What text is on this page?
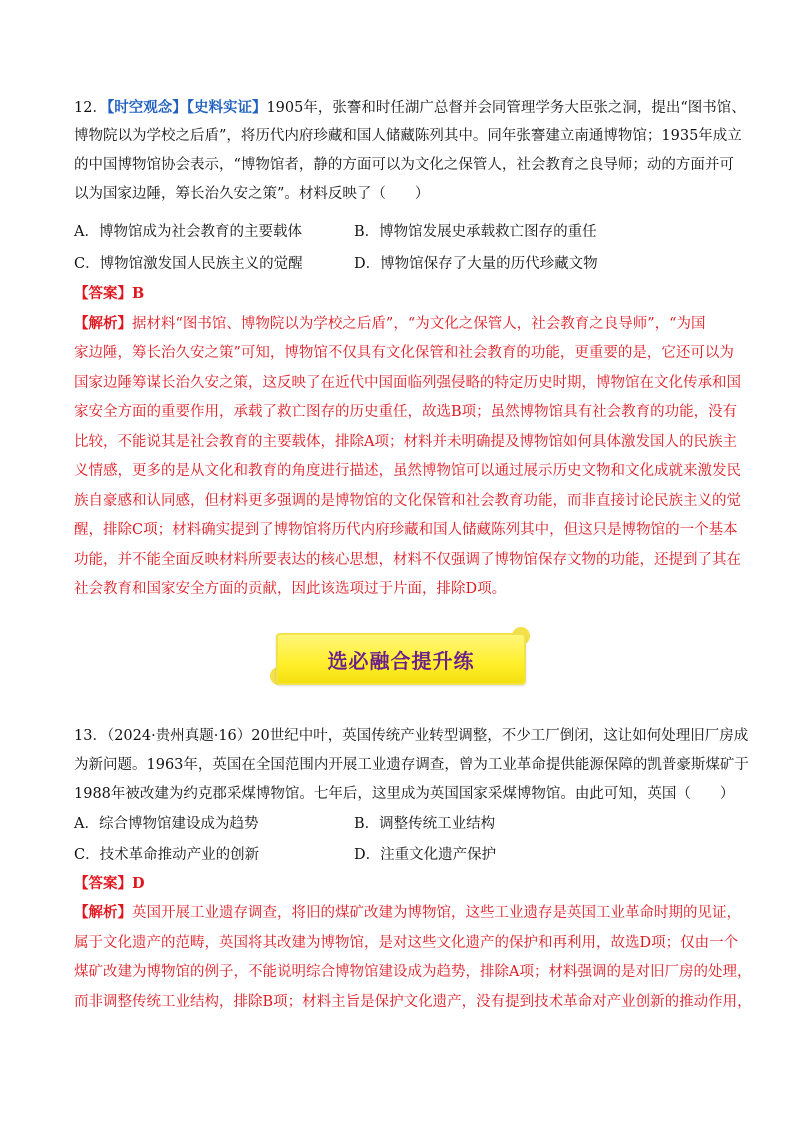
12．【时空观念】【史料实证】1905年，张謇和时任湖广总督并会同管理学务大臣张之洞，提出“图书馆、
博物院以为学校之后盾”，将历代内府珍藏和国人储藏陈列其中。同年张謇建立南通博物馆；1935年成立
的中国博物馆协会表示，“博物馆者，静的方面可以为文化之保管人，社会教育之良导师；动的方面并可
以为国家边陲，筹长治久安之策”。材料反映了（　　）
A．博物馆成为社会教育的主要载体	B．博物馆发展史承载救亡图存的重任
C．博物馆激发国人民族主义的觉醒	D．博物馆保存了大量的历代珍藏文物
【答案】B
【解析】据材料“图书馆、博物院以为学校之后盾”，“为文化之保管人，社会教育之良导师”，“为国
家边陲，筹长治久安之策”可知，博物馆不仅具有文化保管和社会教育的功能，更重要的是，它还可以为
国家边陲筹谋长治久安之策，这反映了在近代中国面临列强侵略的特定历史时期，博物馆在文化传承和国
家安全方面的重要作用，承载了救亡图存的历史重任，故选B项；虽然博物馆具有社会教育的功能，没有
比较，不能说其是社会教育的主要载体，排除A项；材料并未明确提及博物馆如何具体激发国人的民族主
义情感，更多的是从文化和教育的角度进行描述，虽然博物馆可以通过展示历史文物和文化成就来激发民
族自豪感和认同感，但材料更多强调的是博物馆的文化保管和社会教育功能，而非直接讨论民族主义的觉
醒，排除C项；材料确实提到了博物馆将历代内府珍藏和国人储藏陈列其中，但这只是博物馆的一个基本
功能，并不能全面反映材料所要表达的核心思想，材料不仅强调了博物馆保存文物的功能，还提到了其在
社会教育和国家安全方面的贡献，因此该选项过于片面，排除D项。
选必融合提升练
13．（2024·贵州真题·16）20世纪中叶，英国传统产业转型调整，不少工厂倒闭，这让如何处理旧厂房成
为新问题。1963年，英国在全国范围内开展工业遗存调查，曾为工业革命提供能源保障的凯普豪斯煤矿于
1988年被改建为约克郡采煤博物馆。七年后，这里成为英国国家采煤博物馆。由此可知，英国（　　）
A．综合博物馆建设成为趋势	B．调整传统工业结构
C．技术革命推动产业的创新	D．注重文化遗产保护
【答案】D
【解析】英国开展工业遗存调查，将旧的煤矿改建为博物馆，这些工业遗存是英国工业革命时期的见证，
属于文化遗产的范畴，英国将其改建为博物馆，是对这些文化遗产的保护和再利用，故选D项；仅由一个
煤矿改建为博物馆的例子，不能说明综合博物馆建设成为趋势，排除A项；材料强调的是对旧厂房的处理，
而非调整传统工业结构，排除B项；材料主旨是保护文化遗产，没有提到技术革命对产业创新的推动作用，
